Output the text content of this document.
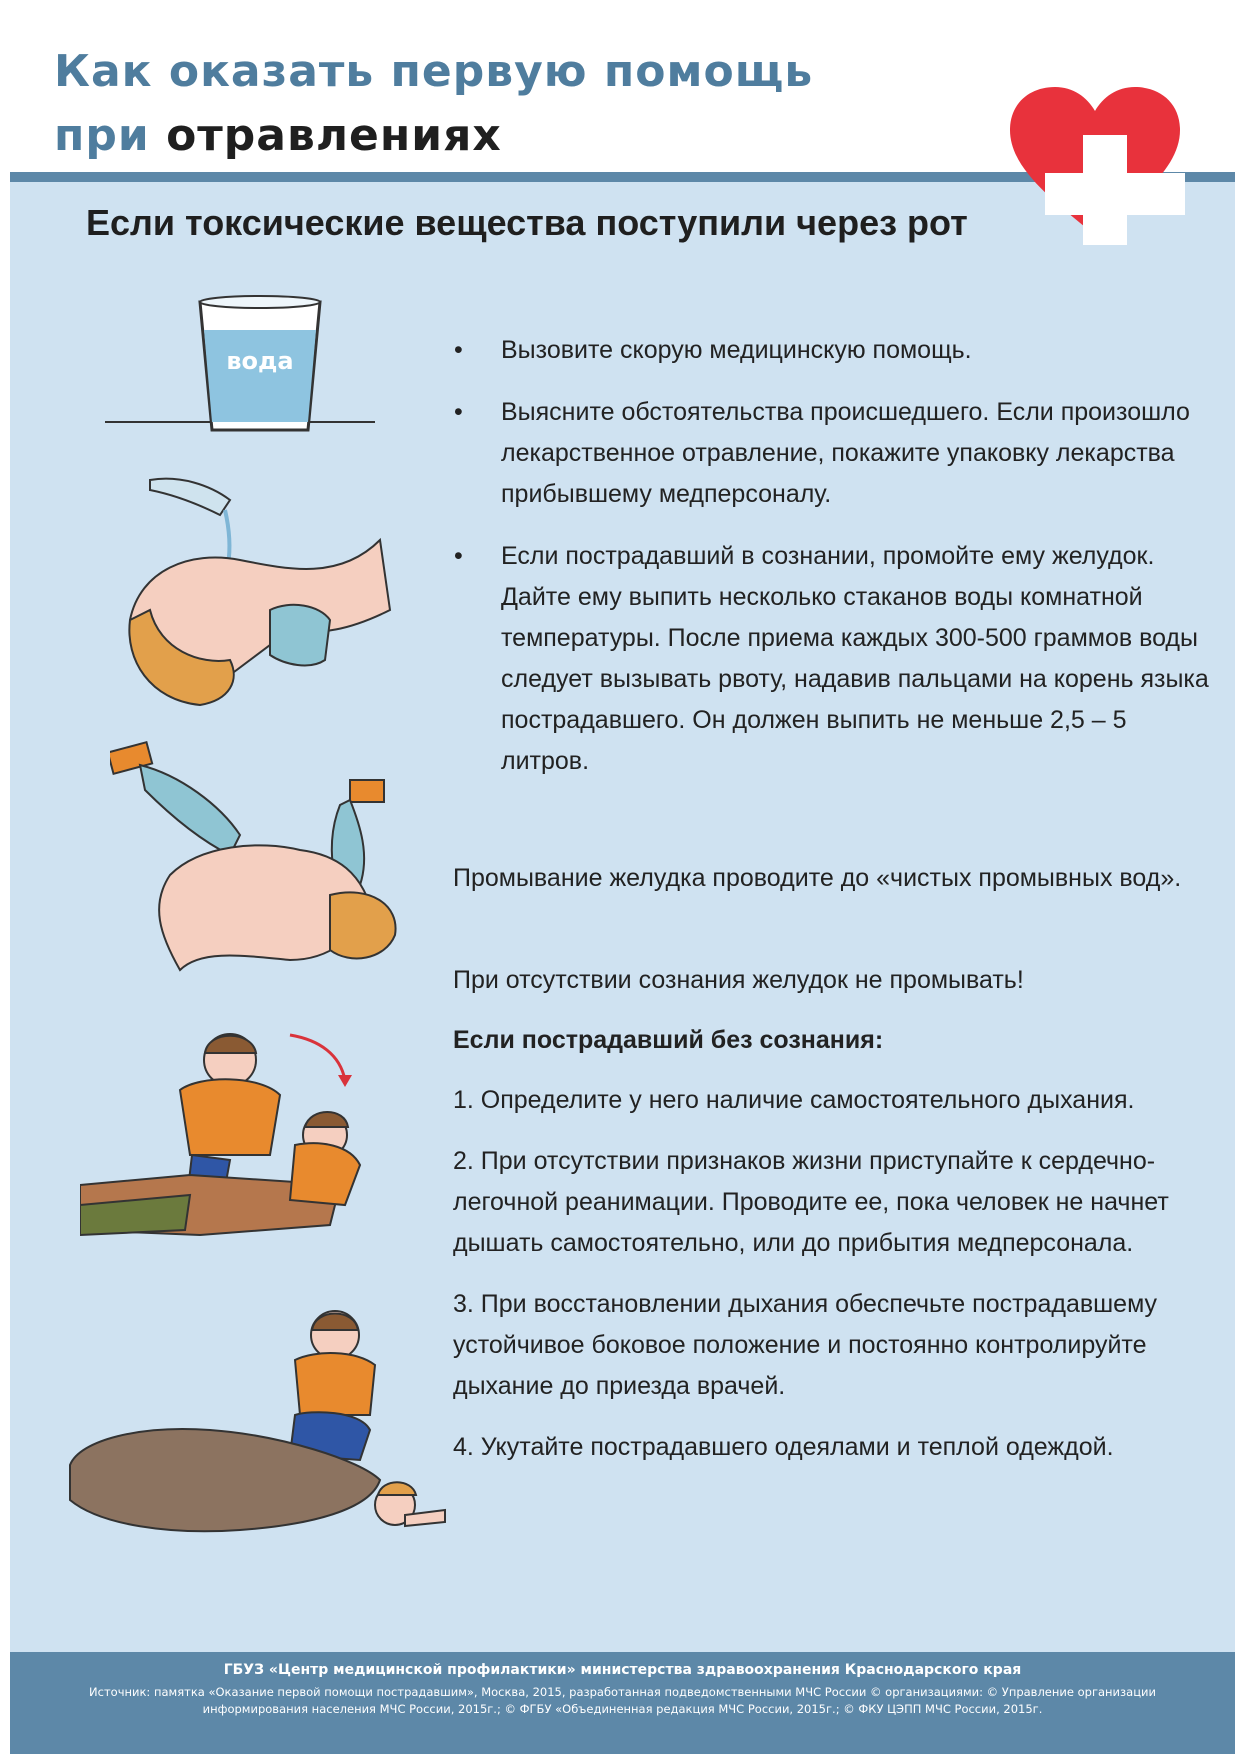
Как оказать первую помощь
при отравлениях
Если токсические вещества поступили через рот
вода
•	Вызовите скорую медицинскую помощь.
• Выясните обстоятельства происшедшего. Если произошло лекарственное отравление, покажите упаковку лекарства прибывшему медперсоналу.
• Если пострадавший в сознании, промойте ему желудок. Дайте ему выпить несколько стаканов воды комнатной температуры. После приема каждых 300-500 граммов воды следует вызывать рвоту, надавив пальцами на корень языка пострадавшего. Он должен выпить не меньше 2,5 – 5 литров.

Промывание желудка проводите до «чистых промывных вод».

При отсутствии сознания желудок не промывать!

Если пострадавший без сознания:

1. Определите у него наличие самостоятельного дыхания.

2. При отсутствии признаков жизни приступайте к сердечно-легочной реанимации. Проводите ее, пока человек не начнет дышать самостоятельно, или до прибытия медперсонала.

3. При восстановлении дыхания обеспечьте пострадавшему устойчивое боковое положение и постоянно контролируйте дыхание до приезда врачей.

4. Укутайте пострадавшего одеялами и теплой одеждой.

ГБУЗ «Центр медицинской профилактики» министерства здравоохранения Краснодарского края
Источник: памятка «Оказание первой помощи пострадавшим», Москва, 2015, разработанная подведомственными МЧС России © организациями: © Управление организации информирования населения МЧС России, 2015г.; © ФГБУ «Объединенная редакция МЧС России, 2015г.; © ФКУ ЦЭПП МЧС России, 2015г.
